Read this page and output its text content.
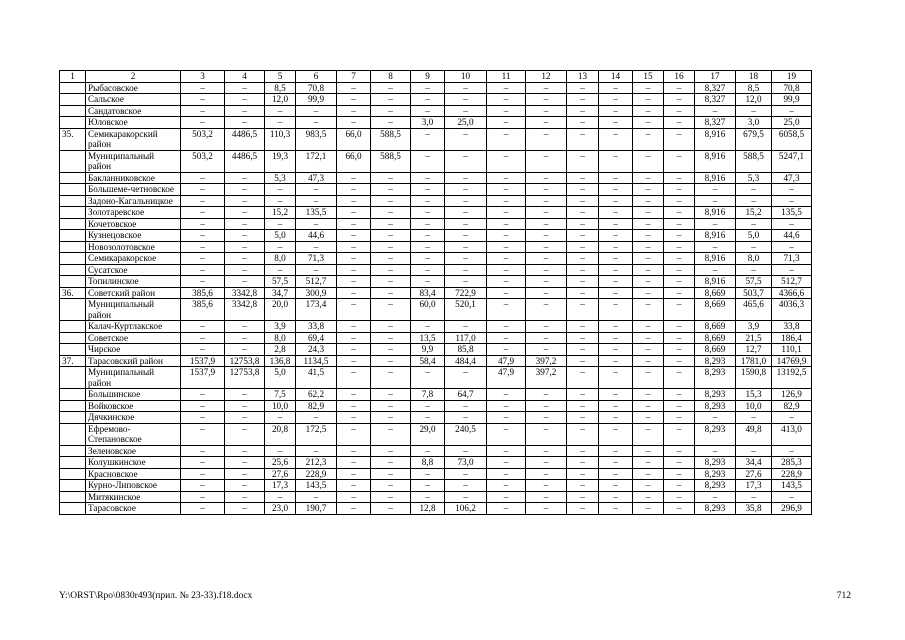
1	2	3	4	5	6	7	8	9	10	11	12	13	14	15	16	17	18	19
	Рыбасовское	–	–	8,5	70,8	–	–	–	–	–	–	–	–	–	–	8,327	8,5	70,8
	Сальское	–	–	12,0	99,9	–	–	–	–	–	–	–	–	–	–	8,327	12,0	99,9
	Сандатовское	–	–	–	–	–	–	–	–	–	–	–	–	–	–	–	–	–
	Юловское	–	–	–	–	–	–	3,0	25,0	–	–	–	–	–	–	8,327	3,0	25,0
35.	Семикаракорский район	503,2	4486,5	110,3	983,5	66,0	588,5	–	–	–	–	–	–	–	–	8,916	679,5	6058,5
	Муниципальный район	503,2	4486,5	19,3	172,1	66,0	588,5	–	–	–	–	–	–	–	–	8,916	588,5	5247,1
	Бакланниковское	–	–	5,3	47,3	–	–	–	–	–	–	–	–	–	–	8,916	5,3	47,3
	Большеме-четновское	–	–	–	–	–	–	–	–	–	–	–	–	–	–	–	–	–
	Задоно-Кагальницкое	–	–	–	–	–	–	–	–	–	–	–	–	–	–	–	–	–
	Золотаревское	–	–	15,2	135,5	–	–	–	–	–	–	–	–	–	–	8,916	15,2	135,5
	Кочетовское	–	–	–	–	–	–	–	–	–	–	–	–	–	–	–	–	–
	Кузнецовское	–	–	5,0	44,6	–	–	–	–	–	–	–	–	–	–	8,916	5,0	44,6
	Новозолотовское	–	–	–	–	–	–	–	–	–	–	–	–	–	–	–	–	–
	Семикаракорское	–	–	8,0	71,3	–	–	–	–	–	–	–	–	–	–	8,916	8,0	71,3
	Сусатское	–	–	–	–	–	–	–	–	–	–	–	–	–	–	–	–	–
	Топилинское	–	–	57,5	512,7	–	–	–	–	–	–	–	–	–	–	8,916	57,5	512,7
36.	Советский район	385,6	3342,8	34,7	300,9	–	–	83,4	722,9	–	–	–	–	–	–	8,669	503,7	4366,6
	Муниципальный район	385,6	3342,8	20,0	173,4	–	–	60,0	520,1	–	–	–	–	–	–	8,669	465,6	4036,3
	Калач-Куртлакское	–	–	3,9	33,8	–	–	–	–	–	–	–	–	–	–	8,669	3,9	33,8
	Советское	–	–	8,0	69,4	–	–	13,5	117,0	–	–	–	–	–	–	8,669	21,5	186,4
	Чирское	–	–	2,8	24,3	–	–	9,9	85,8	–	–	–	–	–	–	8,669	12,7	110,1
37.	Тарасовский район	1537,9	12753,8	136,8	1134,5	–	–	58,4	484,4	47,9	397,2	–	–	–	–	8,293	1781,0	14769,9
	Муниципальный район	1537,9	12753,8	5,0	41,5	–	–	–	–	47,9	397,2	–	–	–	–	8,293	1590,8	13192,5
	Большинское	–	–	7,5	62,2	–	–	7,8	64,7	–	–	–	–	–	–	8,293	15,3	126,9
	Войковское	–	–	10,0	82,9	–	–	–	–	–	–	–	–	–	–	8,293	10,0	82,9
	Дячкинское	–	–	–	–	–	–	–	–	–	–	–	–	–	–	–	–	–
	Ефремово-Степановское	–	–	20,8	172,5	–	–	29,0	240,5	–	–	–	–	–	–	8,293	49,8	413,0
	Зеленовское	–	–	–	–	–	–	–	–	–	–	–	–	–	–	–	–	–
	Колушкинское	–	–	25,6	212,3	–	–	8,8	73,0	–	–	–	–	–	–	8,293	34,4	285,3
	Красновское	–	–	27,6	228,9	–	–	–	–	–	–	–	–	–	–	8,293	27,6	228,9
	Курно-Липовское	–	–	17,3	143,5	–	–	–	–	–	–	–	–	–	–	8,293	17,3	143,5
	Митякинское	–	–	–	–	–	–	–	–	–	–	–	–	–	–	–	–	–
	Тарасовское	–	–	23,0	190,7	–	–	12,8	106,2	–	–	–	–	–	–	8,293	35,8	296,9
Y:\ORST\Rpo\0830r493(прил. № 23-33).f18.docx	712
